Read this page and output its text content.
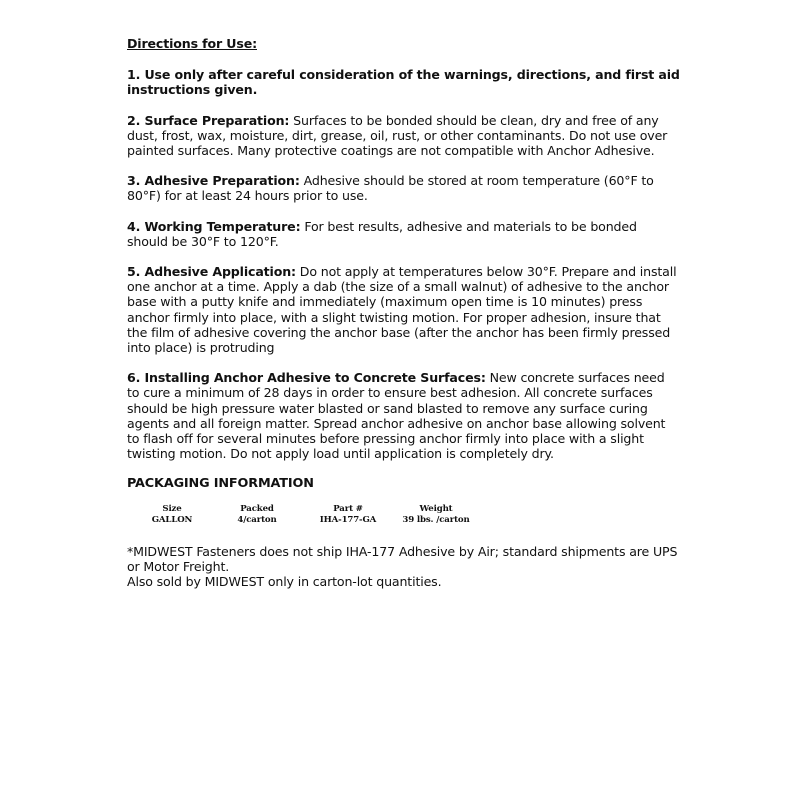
Directions for Use:

1. Use only after careful consideration of the warnings, directions, and first aid instructions given.

2. Surface Preparation: Surfaces to be bonded should be clean, dry and free of any dust, frost, wax, moisture, dirt, grease, oil, rust, or other contaminants. Do not use over painted surfaces. Many protective coatings are not compatible with Anchor Adhesive.

3. Adhesive Preparation: Adhesive should be stored at room temperature (60°F to 80°F) for at least 24 hours prior to use.

4. Working Temperature: For best results, adhesive and materials to be bonded should be 30°F to 120°F.

5. Adhesive Application: Do not apply at temperatures below 30°F. Prepare and install one anchor at a time. Apply a dab (the size of a small walnut) of adhesive to the anchor base with a putty knife and immediately (maximum open time is 10 minutes) press anchor firmly into place, with a slight twisting motion. For proper adhesion, insure that the film of adhesive covering the anchor base (after the anchor has been firmly pressed into place) is protruding

6. Installing Anchor Adhesive to Concrete Surfaces: New concrete surfaces need to cure a minimum of 28 days in order to ensure best adhesion. All concrete surfaces should be high pressure water blasted or sand blasted to remove any surface curing agents and all foreign matter. Spread anchor adhesive on anchor base allowing solvent to flash off for several minutes before pressing anchor firmly into place with a slight twisting motion. Do not apply load until application is completely dry.

PACKAGING INFORMATION

Size	Packed	Part #	Weight
GALLON	4/carton	IHA-177-GA	39 lbs. /carton

*MIDWEST Fasteners does not ship IHA-177 Adhesive by Air; standard shipments are UPS or Motor Freight.

Also sold by MIDWEST only in carton-lot quantities.
